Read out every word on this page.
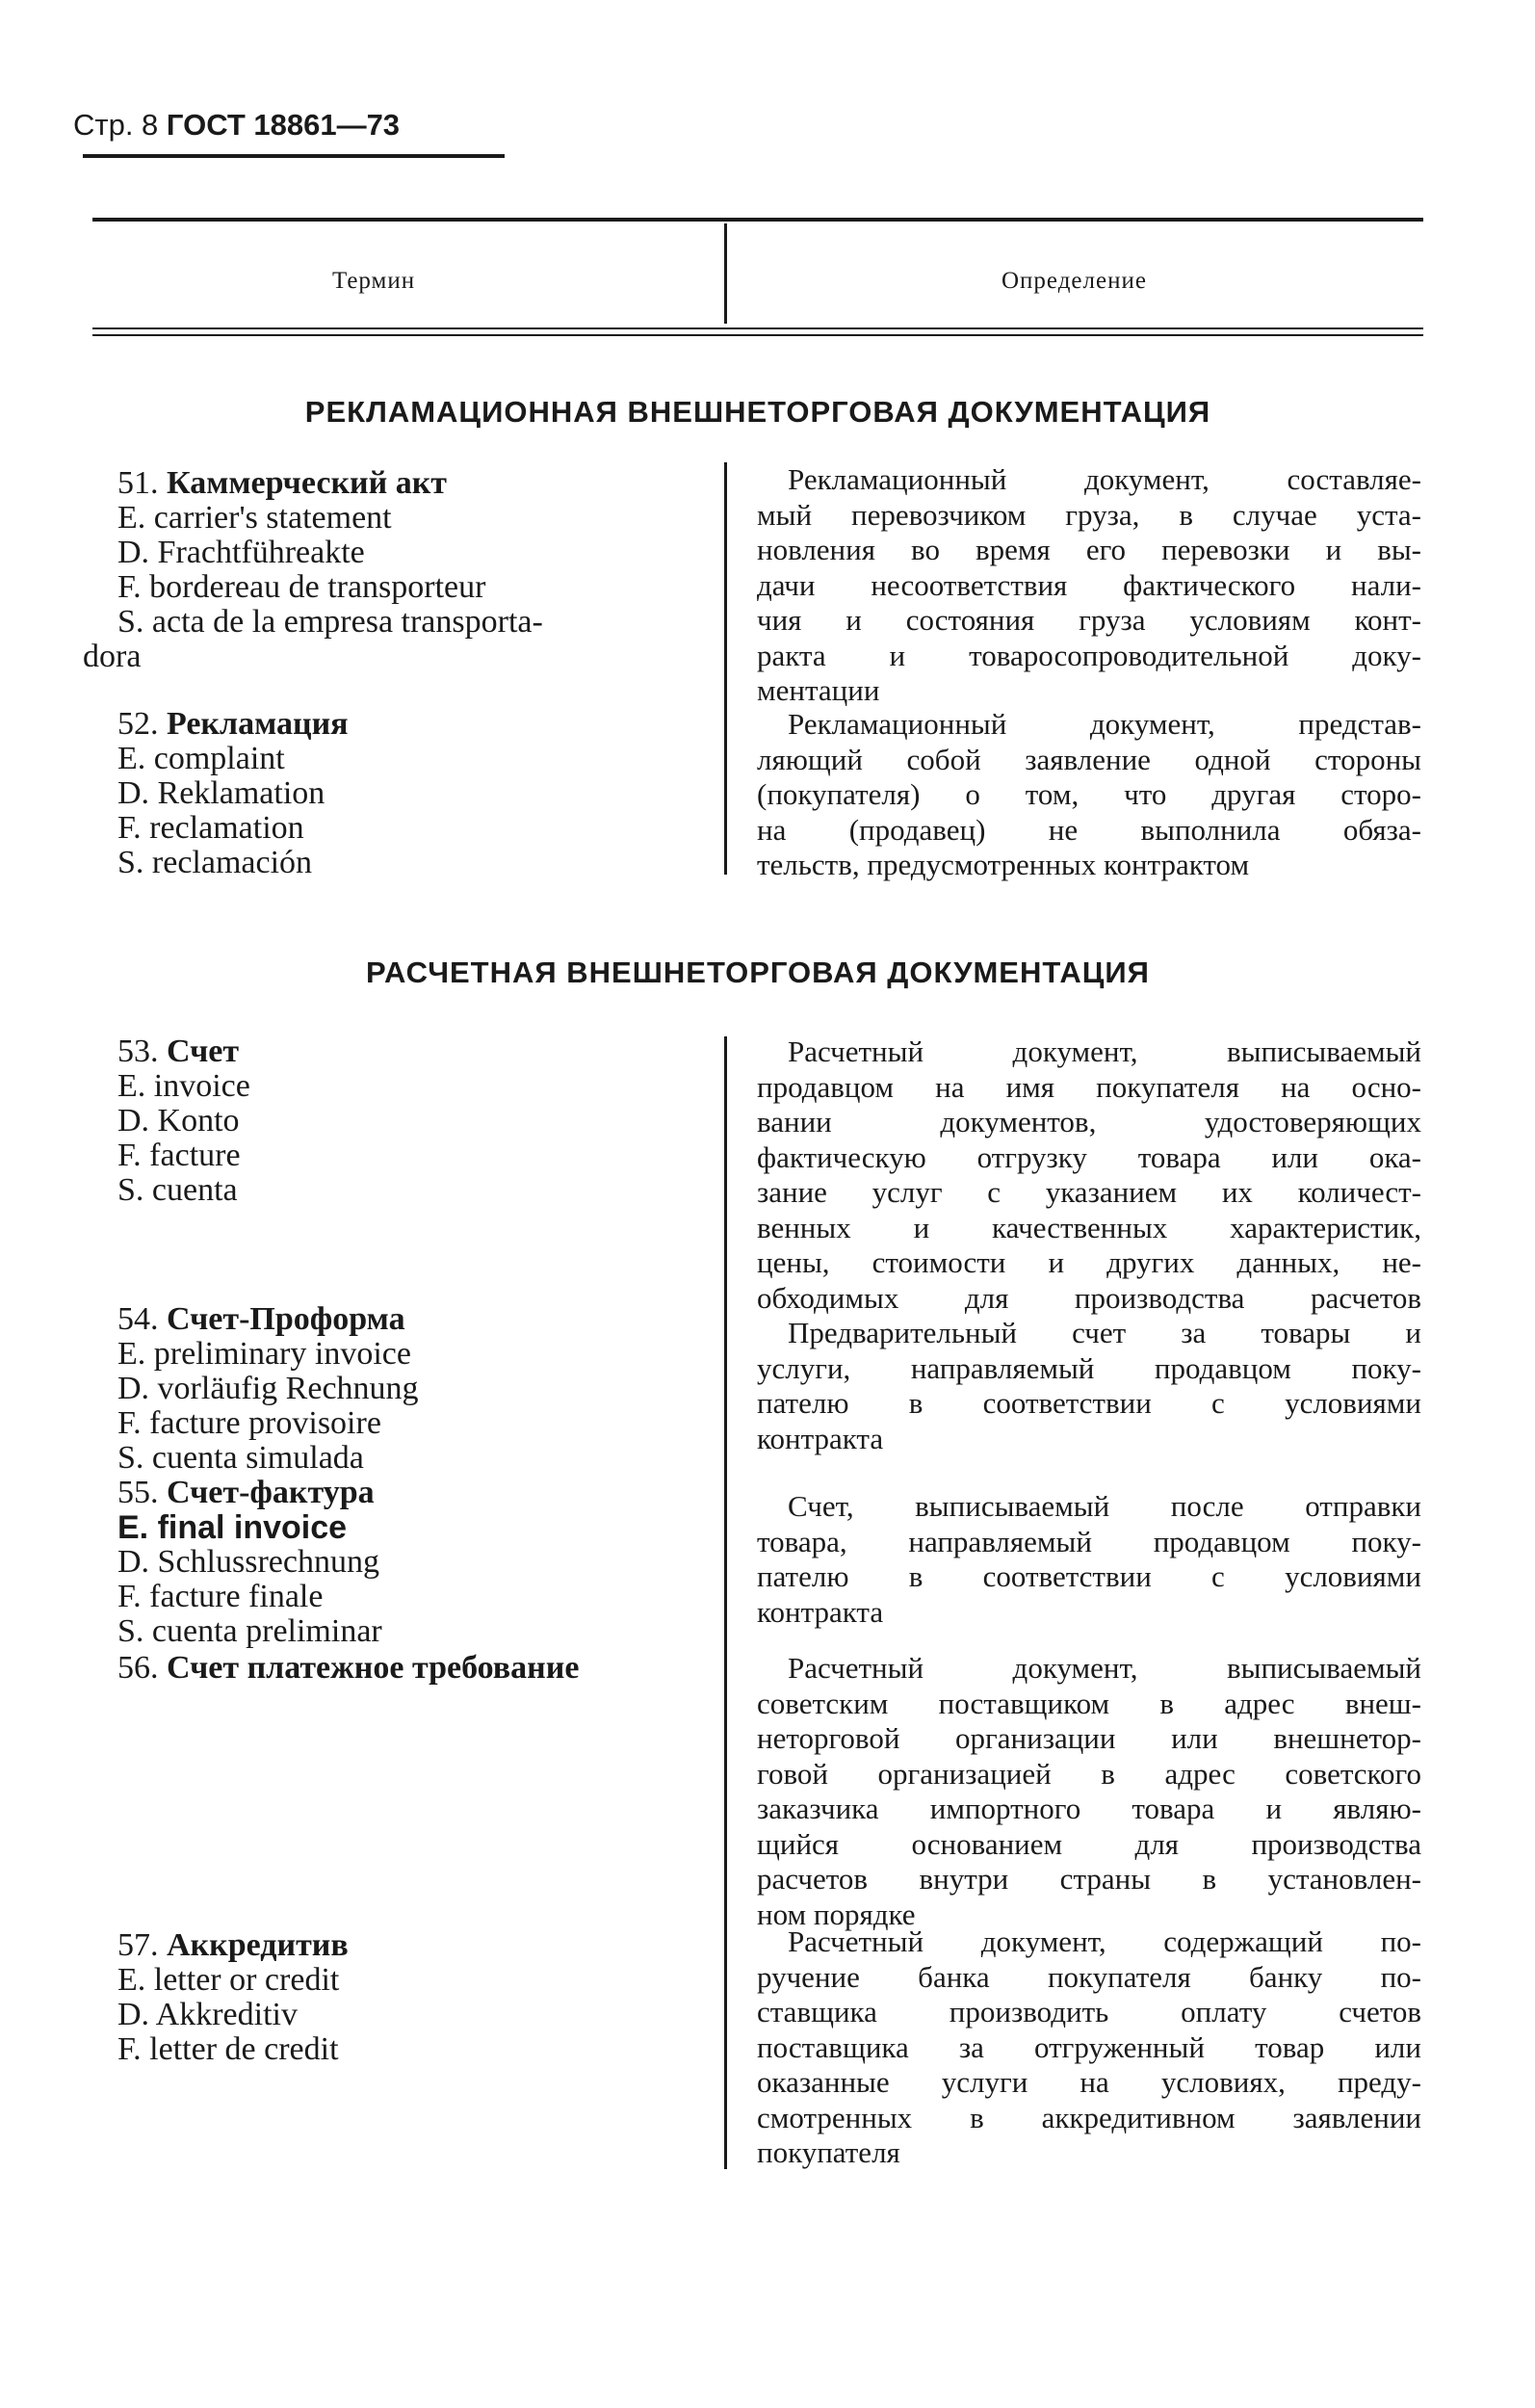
Стр. 8 ГОСТ 18861—73
Термин	Определение
РЕКЛАМАЦИОННАЯ ВНЕШНЕТОРГОВАЯ ДОКУМЕНТАЦИЯ
51. Каммерческий акт
E. carrier's statement
D. Frachtführeakte
F. bordereau de transporteur
S. acta de la empresa transporta-
dora
Рекламационный документ, составляе-
мый перевозчиком груза, в случае уста-
новления во время его перевозки и вы-
дачи несоответствия фактического нали-
чия и состояния груза условиям конт-
ракта и товаросопроводительной доку-
ментации
52. Рекламация
E. complaint
D. Reklamation
F. reclamation
S. reclamación
Рекламационный документ, представ-
ляющий собой заявление одной стороны
(покупателя) о том, что другая сторо-
на (продавец) не выполнила обяза-
тельств, предусмотренных контрактом
РАСЧЕТНАЯ ВНЕШНЕТОРГОВАЯ ДОКУМЕНТАЦИЯ
53. Счет
E. invoice
D. Konto
F. facture
S. cuenta
Расчетный документ, выписываемый
продавцом на имя покупателя на осно-
вании документов, удостоверяющих
фактическую отгрузку товара или ока-
зание услуг с указанием их количест-
венных и качественных характеристик,
цены, стоимости и других данных, не-
обходимых для производства расчетов
54. Счет-Проформа
E. preliminary invoice
D. vorläufig Rechnung
F. facture provisoire
S. cuenta simulada
Предварительный счет за товары и
услуги, направляемый продавцом поку-
пателю в соответствии с условиями
контракта
55. Счет-фактура
E. final invoice
D. Schlussrechnung
F. facture finale
S. cuenta preliminar
Счет, выписываемый после отправки
товара, направляемый продавцом поку-
пателю в соответствии с условиями
контракта
56. Счет платежное требование	Расчетный документ, выписываемый
советским поставщиком в адрес внеш-
неторговой организации или внешнетор-
говой организацией в адрес советского
заказчика импортного товара и являю-
щийся основанием для производства
расчетов внутри страны в установлен-
ном порядке
57. Аккредитив
E. letter or credit
D. Akkreditiv
F. letter de credit
Расчетный документ, содержащий по-
ручение банка покупателя банку по-
ставщика производить оплату счетов
поставщика за отгруженный товар или
оказанные услуги на условиях, преду-
смотренных в аккредитивном заявлении
покупателя
